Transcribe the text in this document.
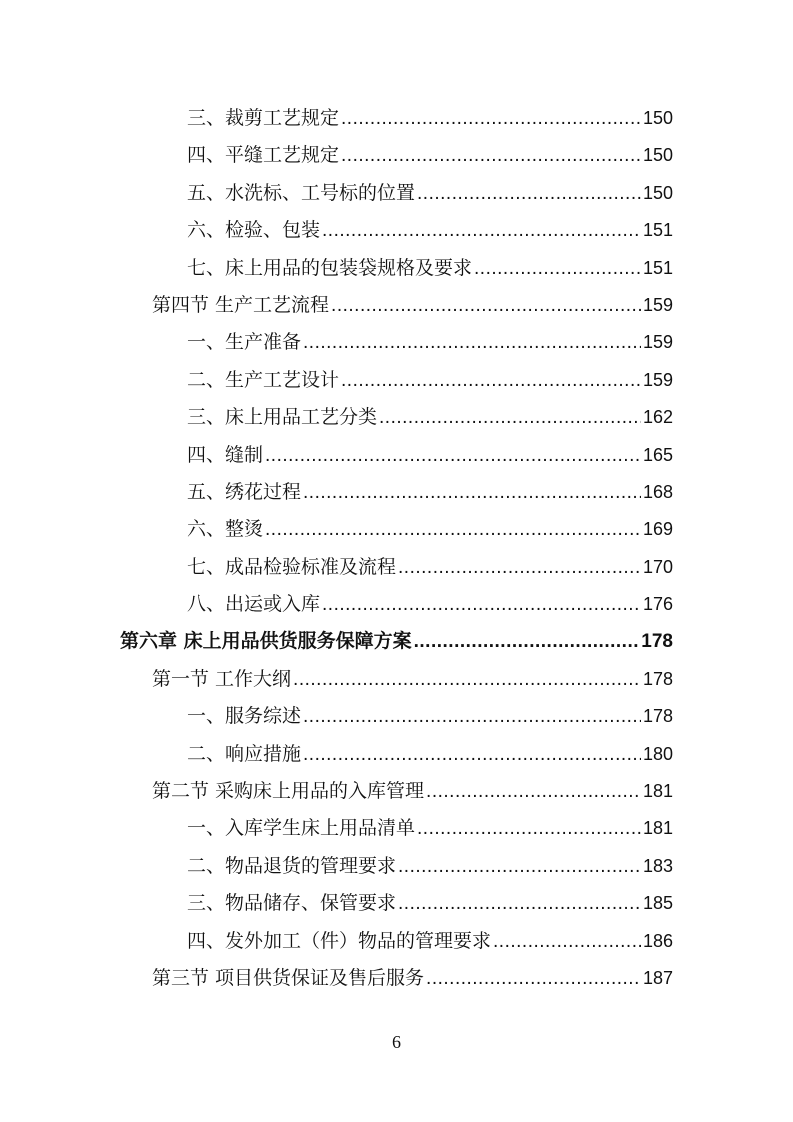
三、裁剪工艺规定 .....	150
四、平缝工艺规定 .....	150
五、水洗标、工号标的位置 .....	150
六、检验、包装 .....	151
七、床上用品的包装袋规格及要求 .....	151
第四节 生产工艺流程 .....	159
一、生产准备 .....	159
二、生产工艺设计 .....	159
三、床上用品工艺分类 .....	162
四、缝制 .....	165
五、绣花过程 .....	168
六、整烫 .....	169
七、成品检验标准及流程 .....	170
八、出运或入库 .....	176
第六章 床上用品供货服务保障方案 .....	178
第一节 工作大纲 .....	178
一、服务综述 .....	178
二、响应措施 .....	180
第二节 采购床上用品的入库管理 .....	181
一、入库学生床上用品清单 .....	181
二、物品退货的管理要求 .....	183
三、物品储存、保管要求 .....	185
四、发外加工（件）物品的管理要求 .....	186
第三节 项目供货保证及售后服务 .....	187
6
